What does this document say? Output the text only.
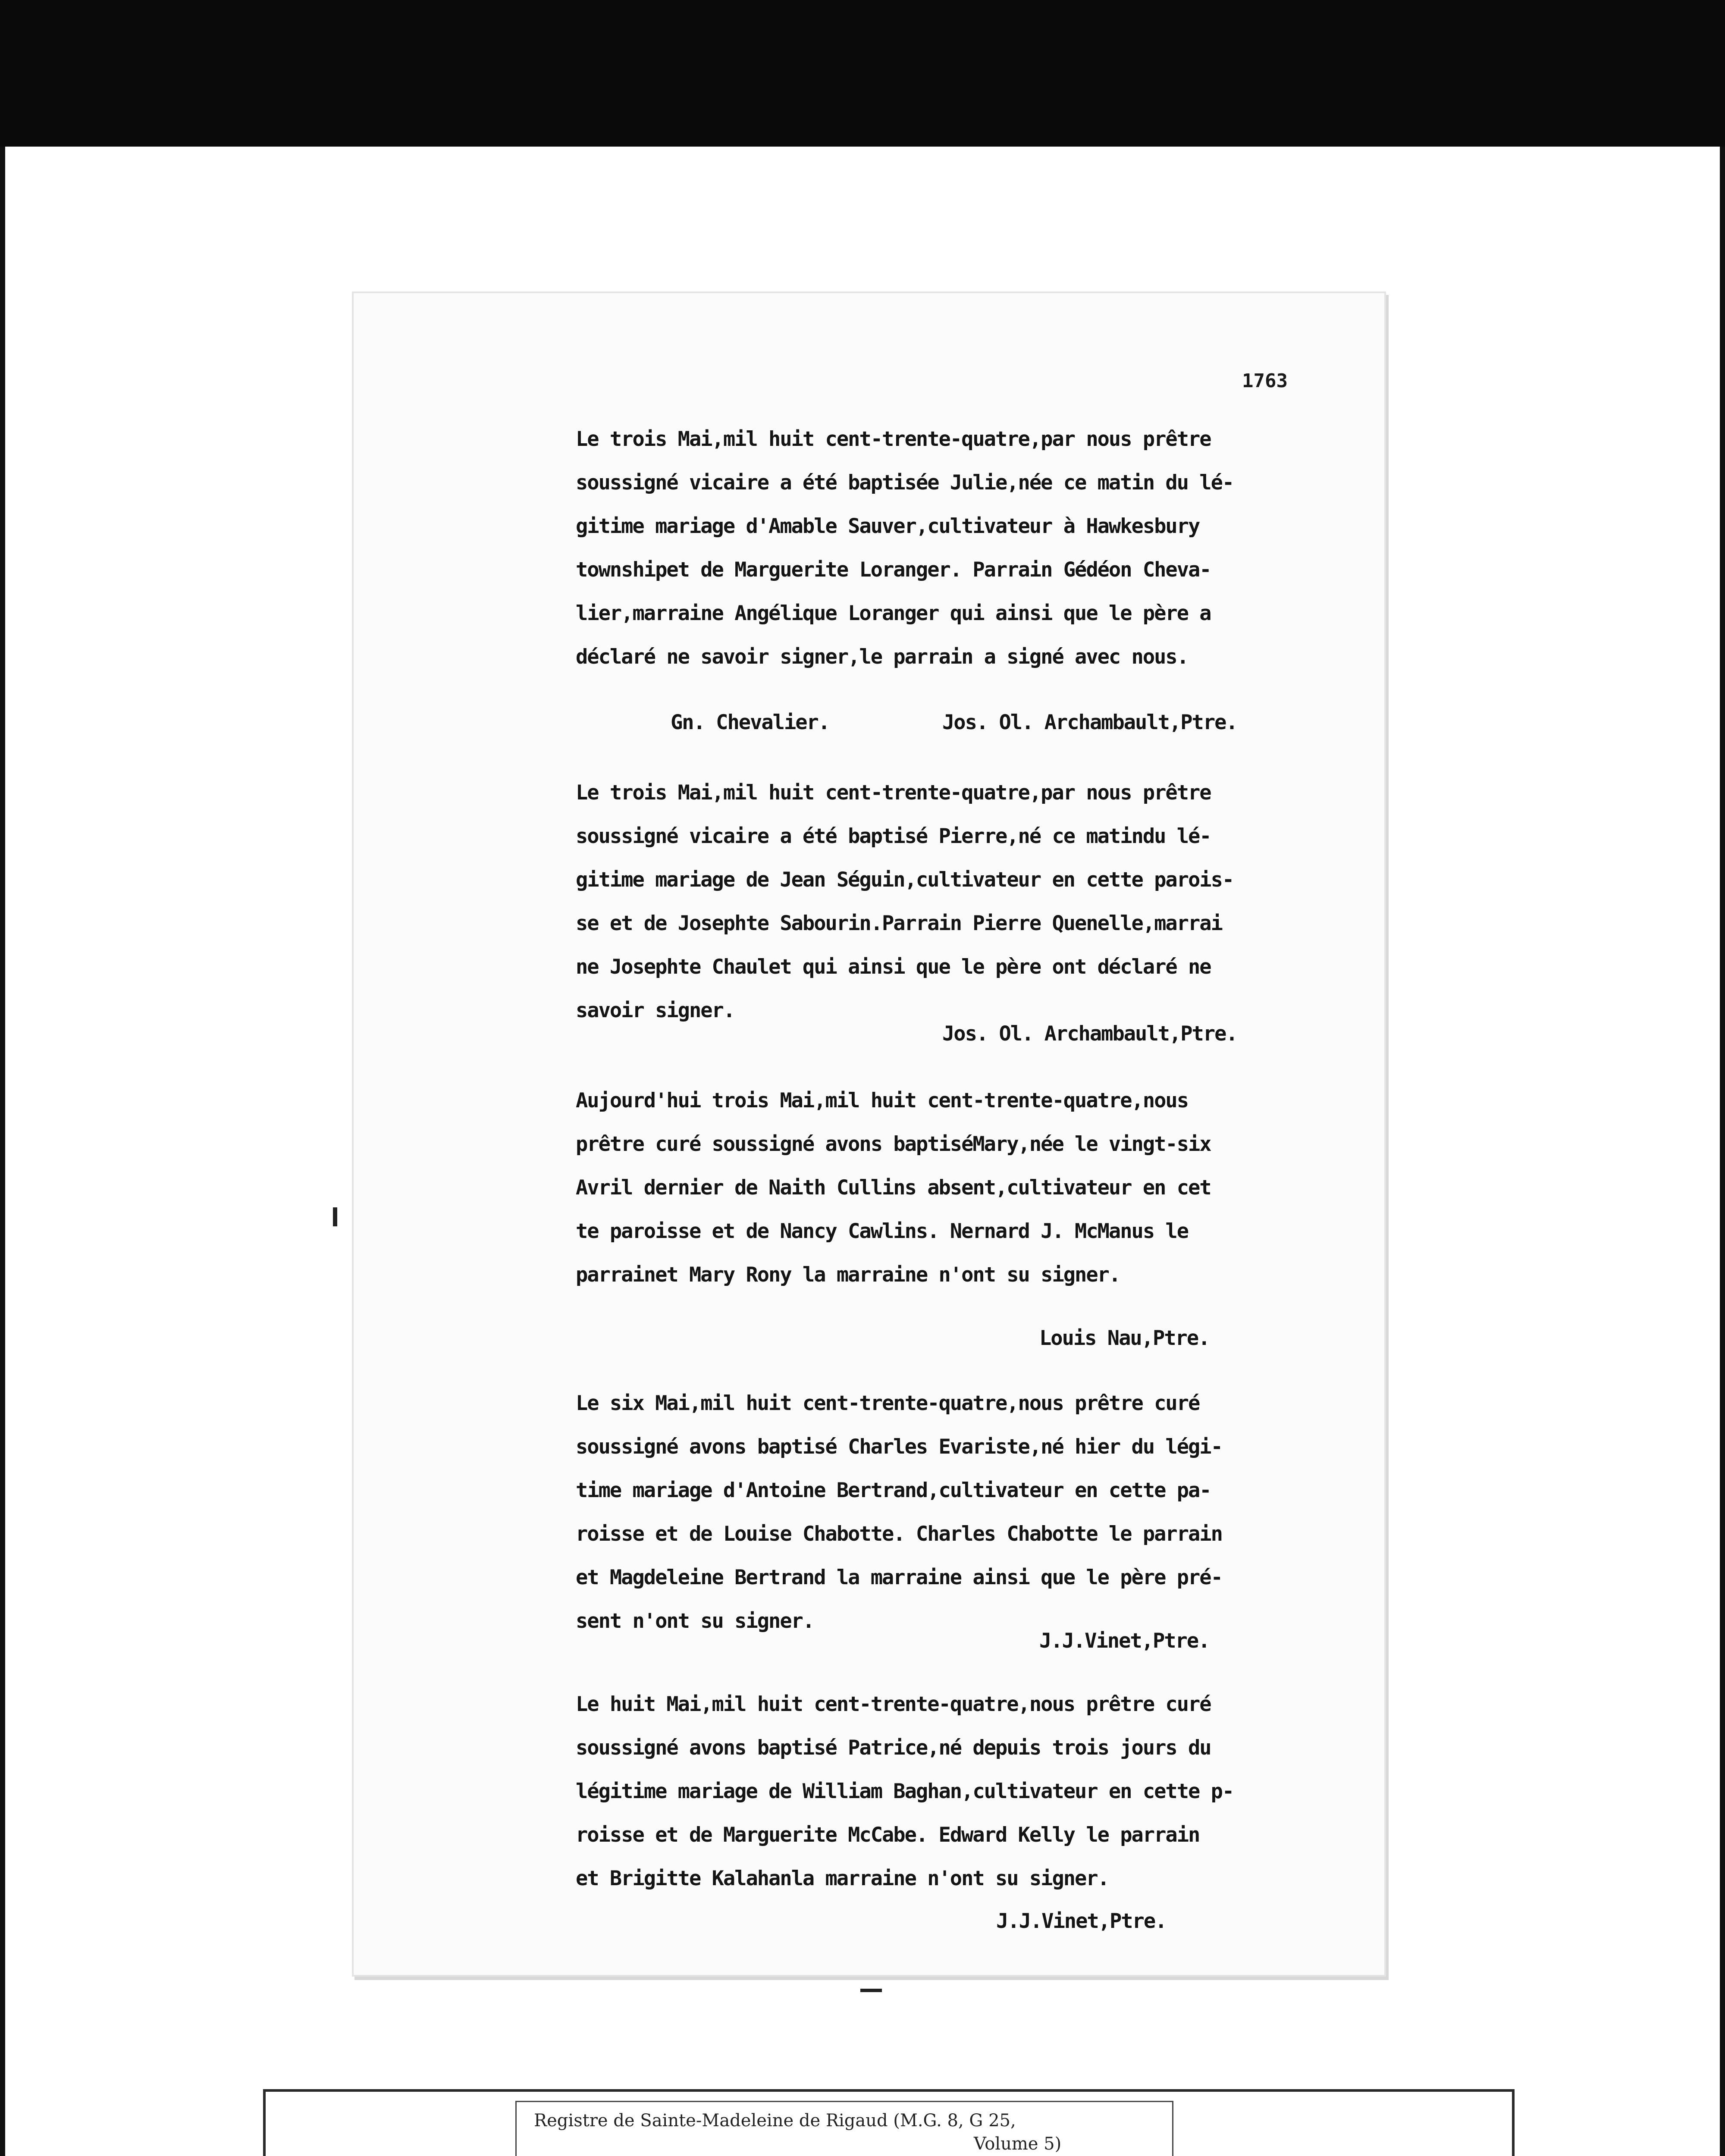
1763
Le trois Mai,mil huit cent-trente-quatre,par nous prêtre
soussigné vicaire a été baptisée Julie,née ce matin du lé-
gitime mariage d'Amable Sauver,cultivateur à Hawkesbury
townshipet de Marguerite Loranger. Parrain Gédéon Cheva-
lier,marraine Angélique Loranger qui ainsi que le père a
déclaré ne savoir signer,le parrain a signé avec nous.
Gn. Chevalier.	Jos. Ol. Archambault,Ptre.
Le trois Mai,mil huit cent-trente-quatre,par nous prêtre
soussigné vicaire a été baptisé Pierre,né ce matindu lé-
gitime mariage de Jean Séguin,cultivateur en cette parois-
se et de Josephte Sabourin.Parrain Pierre Quenelle,marrai
ne Josephte Chaulet qui ainsi que le père ont déclaré ne
savoir signer.
Jos. Ol. Archambault,Ptre.
Aujourd'hui trois Mai,mil huit cent-trente-quatre,nous
prêtre curé soussigné avons baptiséMary,née le vingt-six
Avril dernier de Naith Cullins absent,cultivateur en cet
te paroisse et de Nancy Cawlins. Nernard J. McManus le
parrainet Mary Rony la marraine n'ont su signer.
Louis Nau,Ptre.
Le six Mai,mil huit cent-trente-quatre,nous prêtre curé
soussigné avons baptisé Charles Evariste,né hier du légi-
time mariage d'Antoine Bertrand,cultivateur en cette pa-
roisse et de Louise Chabotte. Charles Chabotte le parrain
et Magdeleine Bertrand la marraine ainsi que le père pré-
sent n'ont su signer.
J.J.Vinet,Ptre.
Le huit Mai,mil huit cent-trente-quatre,nous prêtre curé
soussigné avons baptisé Patrice,né depuis trois jours du
légitime mariage de William Baghan,cultivateur en cette p-
roisse et de Marguerite McCabe. Edward Kelly le parrain
et Brigitte Kalahanla marraine n'ont su signer.
J.J.Vinet,Ptre.
Registre de Sainte-Madeleine de Rigaud (M.G. 8, G 25,
Volume 5)
